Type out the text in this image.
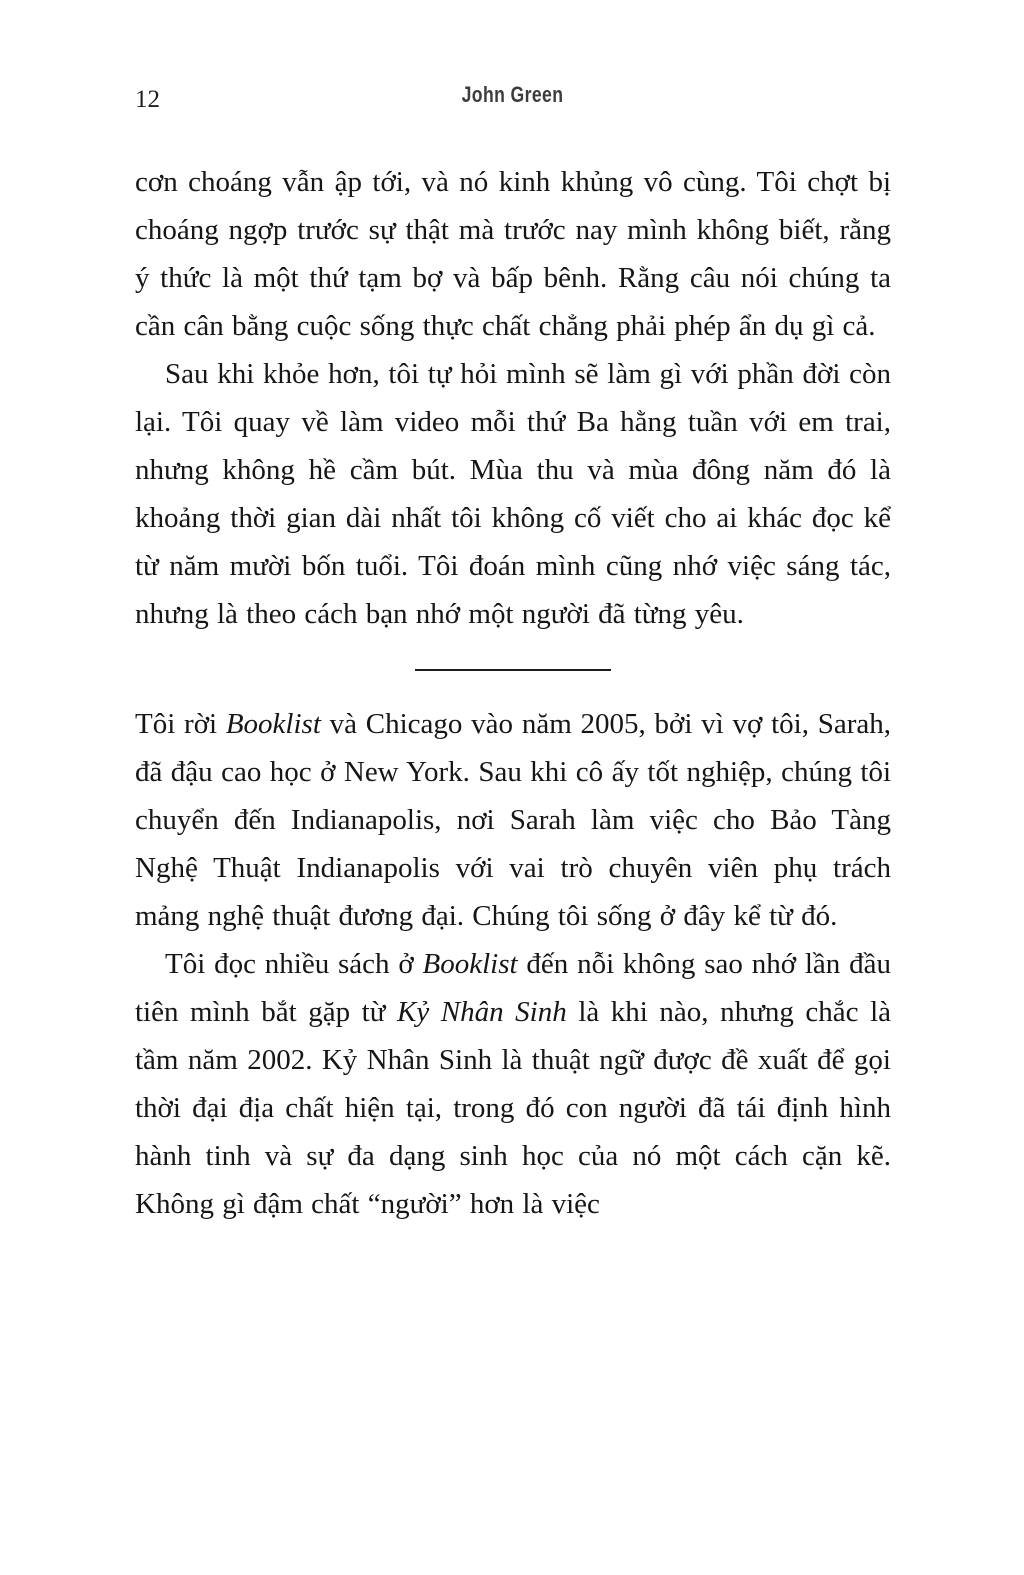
12	John Green

cơn choáng vẫn ập tới, và nó kinh khủng vô cùng. Tôi chợt bị choáng ngợp trước sự thật mà trước nay mình không biết, rằng ý thức là một thứ tạm bợ và bấp bênh. Rằng câu nói chúng ta cần cân bằng cuộc sống thực chất chẳng phải phép ẩn dụ gì cả.

Sau khi khỏe hơn, tôi tự hỏi mình sẽ làm gì với phần đời còn lại. Tôi quay về làm video mỗi thứ Ba hằng tuần với em trai, nhưng không hề cầm bút. Mùa thu và mùa đông năm đó là khoảng thời gian dài nhất tôi không cố viết cho ai khác đọc kể từ năm mười bốn tuổi. Tôi đoán mình cũng nhớ việc sáng tác, nhưng là theo cách bạn nhớ một người đã từng yêu.

Tôi rời Booklist và Chicago vào năm 2005, bởi vì vợ tôi, Sarah, đã đậu cao học ở New York. Sau khi cô ấy tốt nghiệp, chúng tôi chuyển đến Indianapolis, nơi Sarah làm việc cho Bảo Tàng Nghệ Thuật Indianapolis với vai trò chuyên viên phụ trách mảng nghệ thuật đương đại. Chúng tôi sống ở đây kể từ đó.

Tôi đọc nhiều sách ở Booklist đến nỗi không sao nhớ lần đầu tiên mình bắt gặp từ Kỷ Nhân Sinh là khi nào, nhưng chắc là tầm năm 2002. Kỷ Nhân Sinh là thuật ngữ được đề xuất để gọi thời đại địa chất hiện tại, trong đó con người đã tái định hình hành tinh và sự đa dạng sinh học của nó một cách cặn kẽ. Không gì đậm chất “người” hơn là việc
